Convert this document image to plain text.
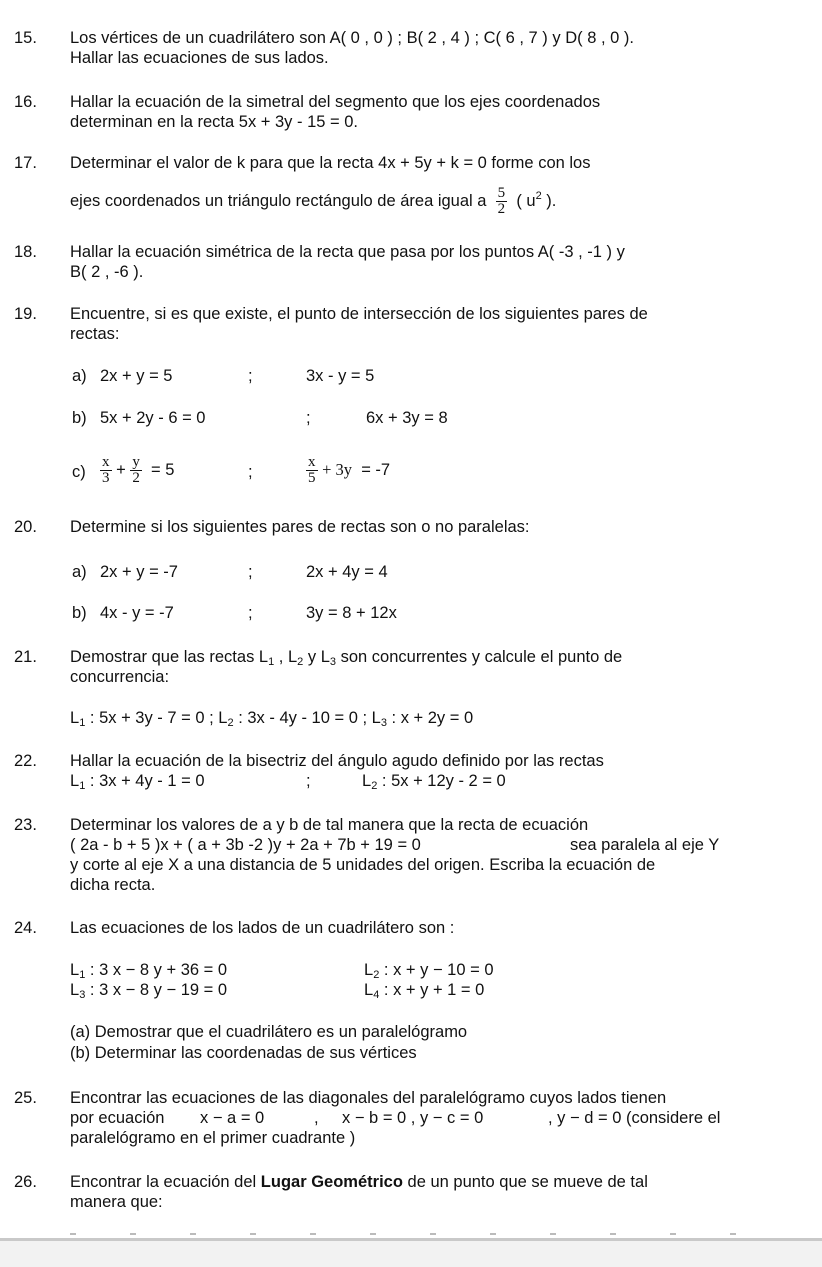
15. Los vértices de un cuadrilátero son A( 0 , 0 ) ; B( 2 , 4 ) ; C( 6 , 7 ) y D( 8 , 0 ).
Hallar las ecuaciones de sus lados.
16. Hallar la ecuación de la simetral del segmento que los ejes coordenados
determinan en la recta 5x + 3y - 15 = 0.
17. Determinar el valor de k para que la recta 4x + 5y + k = 0 forme con los
ejes coordenados un triángulo rectángulo de área igual a $\frac{5}{2}$ ( $u^2$ ).
18. Hallar la ecuación simétrica de la recta que pasa por los puntos A( -3 , -1 ) y
B( 2 , -6 ).
19. Encuentre, si es que existe, el punto de intersección de los siguientes pares de
rectas:
a) 2x + y = 5	;	3x - y = 5
b) 5x + 2y - 6 = 0	;	6x + 3y = 8
$c) \frac{x}{3} + \frac{y}{2} = 5$	;	$\frac{x}{5} + 3y = -7$
20. Determine si los siguientes pares de rectas son o no paralelas:
a) 2x + y = -7	;	2x + 4y = 4
b) 4x - y = -7	;	3y = 8 + 12x
21. Demostrar que las rectas $L_1$ , $L_2$ y $L_3$ son concurrentes y calcule el punto de
concurrencia:
$L_1$ : 5x + 3y - 7 = 0 ; $L_2$ : 3x - 4y - 10 = 0 ; $L_3$ : x + 2y = 0
22. Hallar la ecuación de la bisectriz del ángulo agudo definido por las rectas
$L_1$ : 3x + 4y - 1 = 0	;	$L_2$ : 5x + 12y - 2 = 0
23. Determinar los valores de a y b de tal manera que la recta de ecuación
( 2a - b + 5 )x + ( a + 3b -2 )y + 2a + 7b + 19 = 0	sea paralela al eje Y
y corte al eje X a una distancia de 5 unidades del origen. Escriba la ecuación de
dicha recta.
24. Las ecuaciones de los lados de un cuadrilátero son :
$L_1$ : 3 x − 8 y + 36 = 0	$L_2$ : x + y − 10 = 0
$L_3$ : 3 x − 8 y − 19 = 0	$L_4$ : x + y + 1 = 0
(a) Demostrar que el cuadrilátero es un paralelógramo
(b) Determinar las coordenadas de sus vértices
25. Encontrar las ecuaciones de las diagonales del paralelógramo cuyos lados tienen
por ecuación x − a = 0	, x − b = 0 , y − c = 0	, y − d = 0 (considere el
paralelógramo en el primer cuadrante )
26. Encontrar la ecuación del Lugar Geométrico de un punto que se mueve de tal
manera que:
